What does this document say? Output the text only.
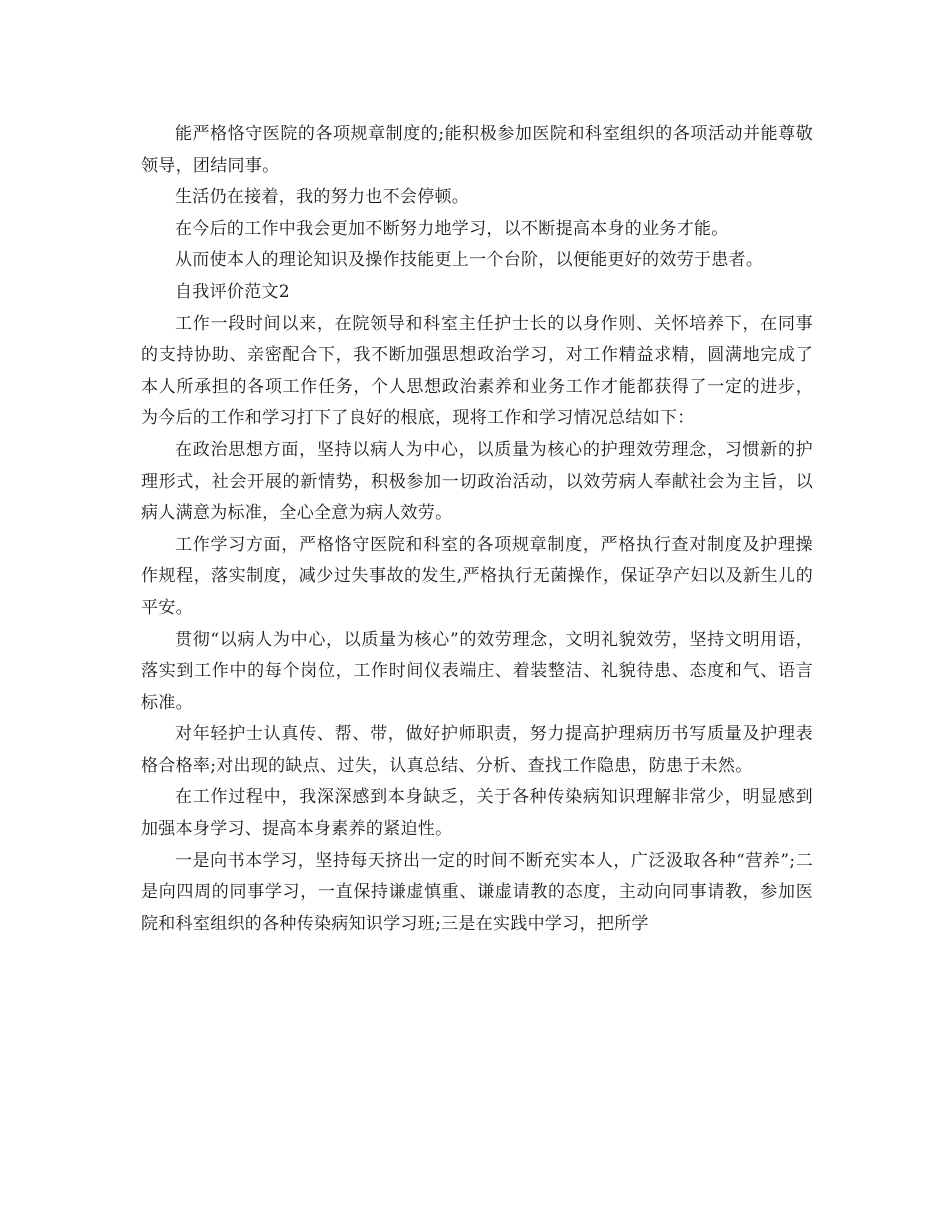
能严格恪守医院的各项规章制度的;能积极参加医院和科室组织的各项活动并能尊敬领导，团结同事。

生活仍在接着，我的努力也不会停顿。

在今后的工作中我会更加不断努力地学习，以不断提高本身的业务才能。

从而使本人的理论知识及操作技能更上一个台阶，以便能更好的效劳于患者。

自我评价范文2

工作一段时间以来，在院领导和科室主任护士长的以身作则、关怀培养下，在同事的支持协助、亲密配合下，我不断加强思想政治学习，对工作精益求精，圆满地完成了本人所承担的各项工作任务，个人思想政治素养和业务工作才能都获得了一定的进步，为今后的工作和学习打下了良好的根底，现将工作和学习情况总结如下：

在政治思想方面，坚持以病人为中心，以质量为核心的护理效劳理念，习惯新的护理形式，社会开展的新情势，积极参加一切政治活动，以效劳病人奉献社会为主旨，以病人满意为标准，全心全意为病人效劳。

工作学习方面，严格恪守医院和科室的各项规章制度，严格执行查对制度及护理操作规程，落实制度，减少过失事故的发生,严格执行无菌操作，保证孕产妇以及新生儿的平安。

贯彻“以病人为中心，以质量为核心”的效劳理念，文明礼貌效劳，坚持文明用语，落实到工作中的每个岗位，工作时间仪表端庄、着装整洁、礼貌待患、态度和气、语言标准。

对年轻护士认真传、帮、带，做好护师职责，努力提高护理病历书写质量及护理表格合格率;对出现的缺点、过失，认真总结、分析、查找工作隐患，防患于未然。

在工作过程中，我深深感到本身缺乏，关于各种传染病知识理解非常少，明显感到加强本身学习、提高本身素养的紧迫性。

一是向书本学习，坚持每天挤出一定的时间不断充实本人，广泛汲取各种“营养”;二是向四周的同事学习，一直保持谦虚慎重、谦虚请教的态度，主动向同事请教，参加医院和科室组织的各种传染病知识学习班;三是在实践中学习，把所学
